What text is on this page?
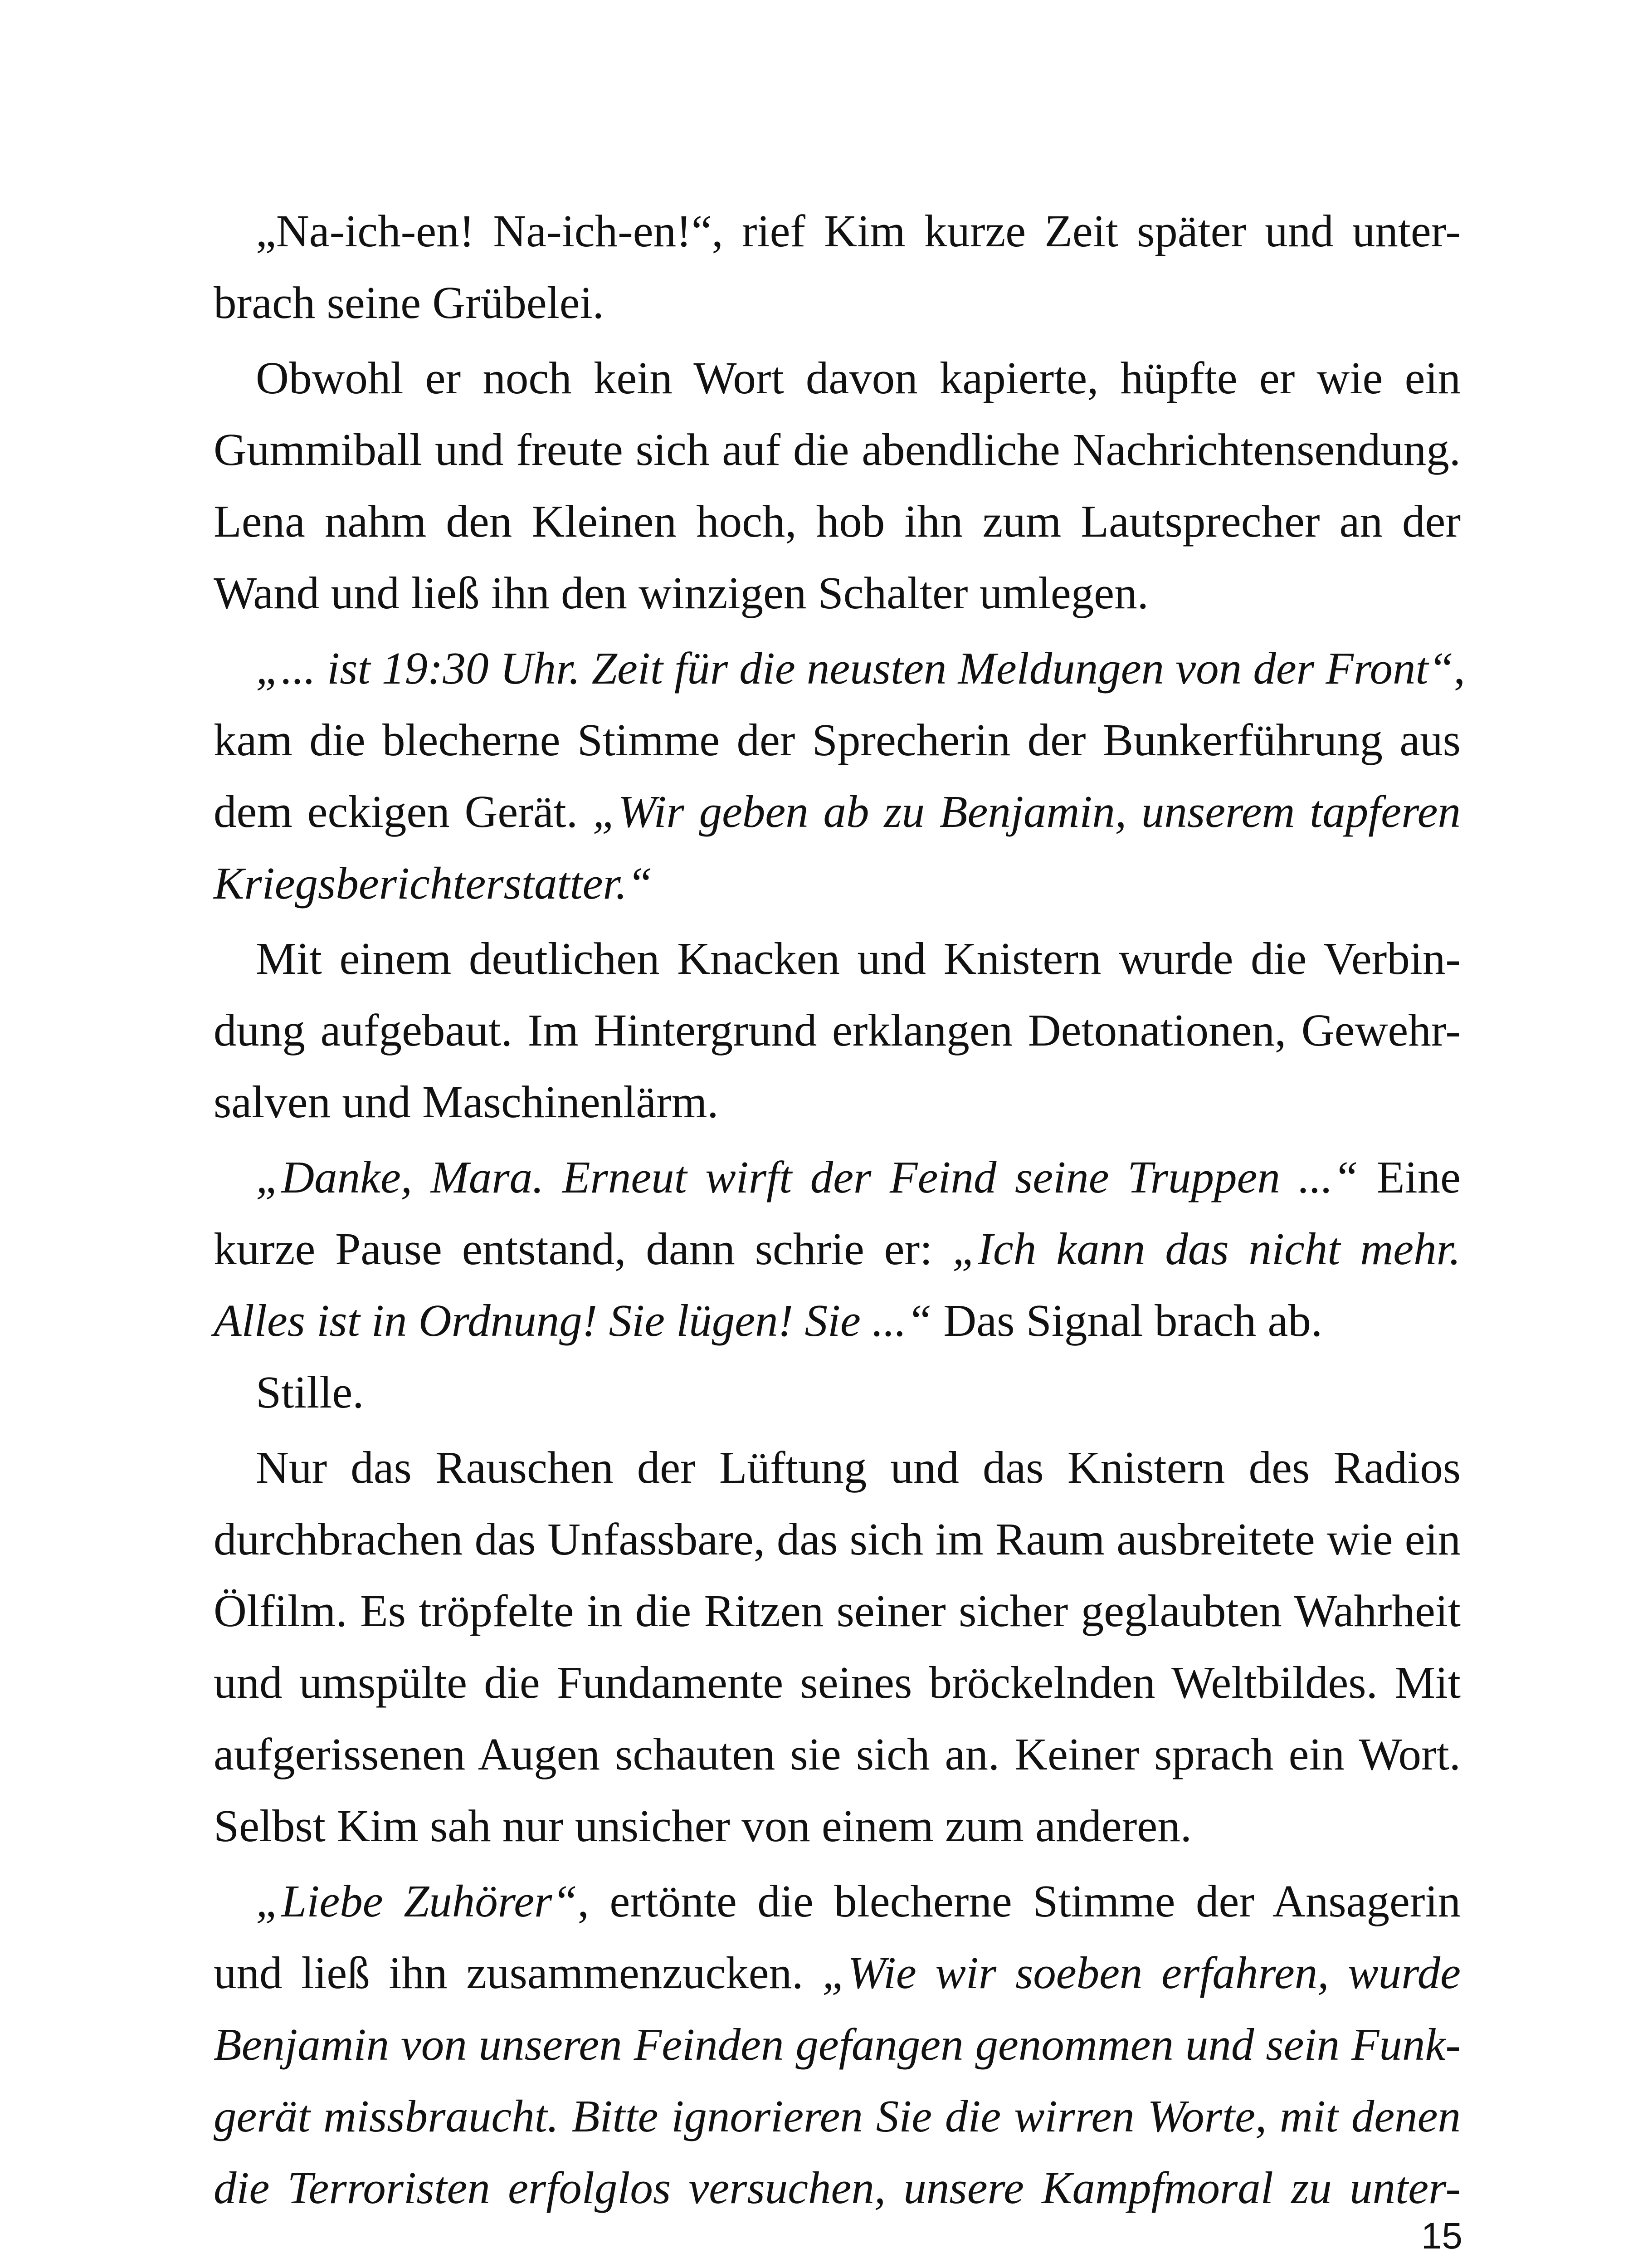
„Na-ich-en! Na-ich-en!“, rief Kim kurze Zeit später und unter-
brach seine Grübelei.
Obwohl er noch kein Wort davon kapierte, hüpfte er wie ein
Gummiball und freute sich auf die abendliche Nachrichtensendung.
Lena nahm den Kleinen hoch, hob ihn zum Lautsprecher an der
Wand und ließ ihn den winzigen Schalter umlegen.
„... ist 19:30 Uhr. Zeit für die neusten Meldungen von der Front“,
kam die blecherne Stimme der Sprecherin der Bunkerführung aus
dem eckigen Gerät. „Wir geben ab zu Benjamin, unserem tapferen
Kriegsberichterstatter.“
Mit einem deutlichen Knacken und Knistern wurde die Verbin-
dung aufgebaut. Im Hintergrund erklangen Detonationen, Gewehr-
salven und Maschinenlärm.
„Danke, Mara. Erneut wirft der Feind seine Truppen ...“ Eine
kurze Pause entstand, dann schrie er: „Ich kann das nicht mehr.
Alles ist in Ordnung! Sie lügen! Sie ...“ Das Signal brach ab.
Stille.
Nur das Rauschen der Lüftung und das Knistern des Radios
durchbrachen das Unfassbare, das sich im Raum ausbreitete wie ein
Ölfilm. Es tröpfelte in die Ritzen seiner sicher geglaubten Wahrheit
und umspülte die Fundamente seines bröckelnden Weltbildes. Mit
aufgerissenen Augen schauten sie sich an. Keiner sprach ein Wort.
Selbst Kim sah nur unsicher von einem zum anderen.
„Liebe Zuhörer“, ertönte die blecherne Stimme der Ansagerin
und ließ ihn zusammenzucken. „Wie wir soeben erfahren, wurde
Benjamin von unseren Feinden gefangen genommen und sein Funk-
gerät missbraucht. Bitte ignorieren Sie die wirren Worte, mit denen
die Terroristen erfolglos versuchen, unsere Kampfmoral zu unter-
15
